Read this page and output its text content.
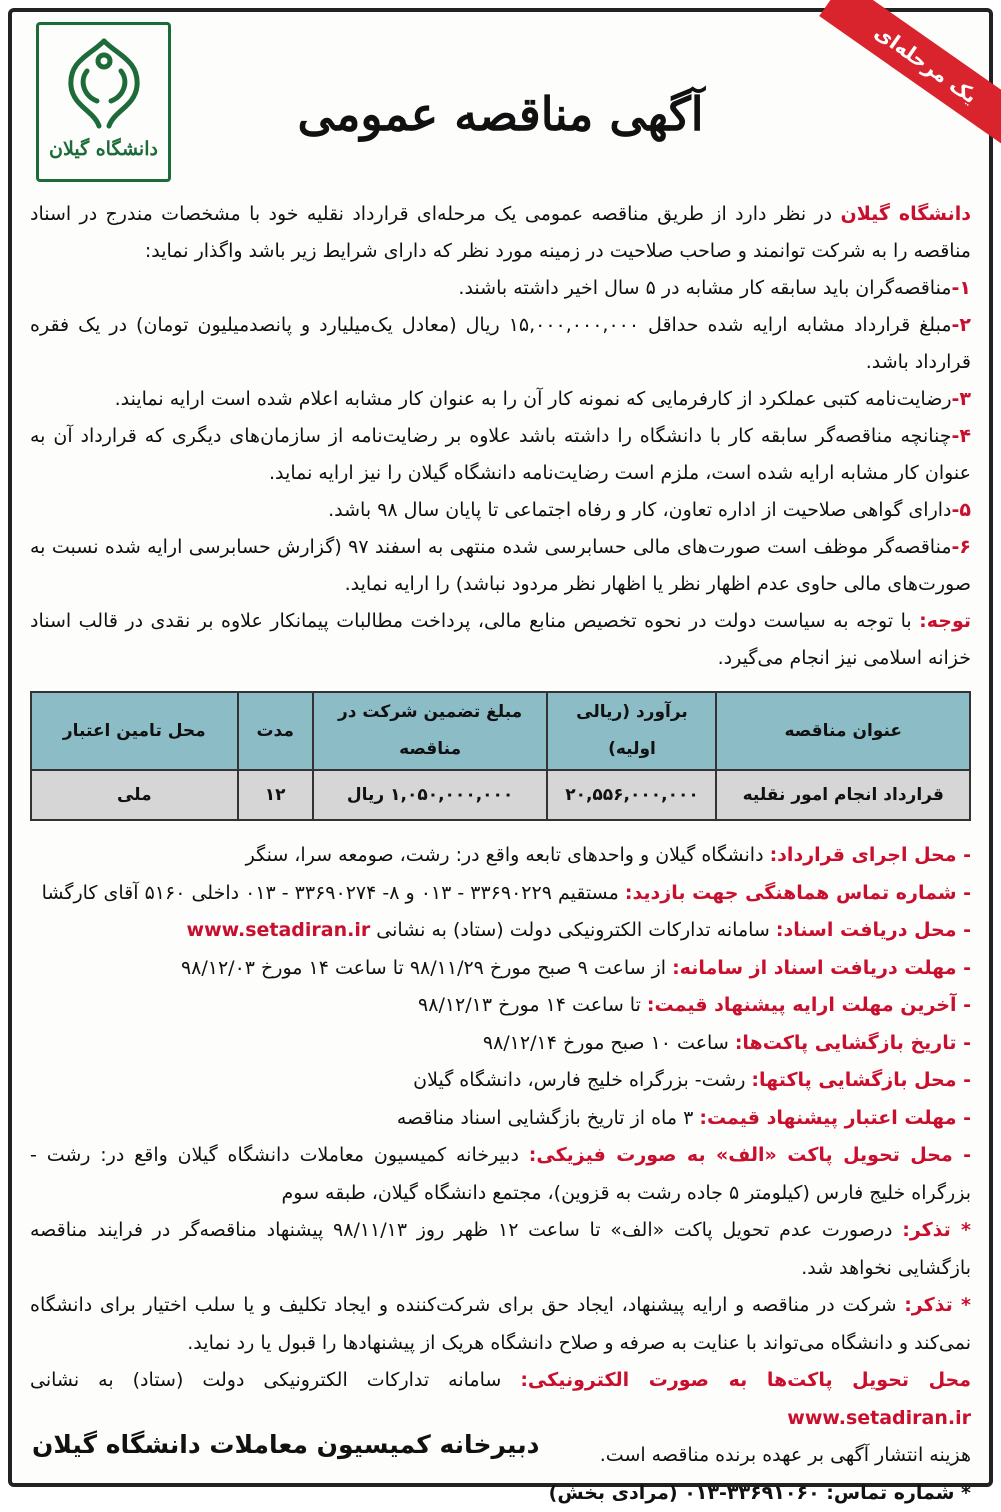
یک مرحله‌ای
دانشگاه گیلان
آگهی مناقصه عمومی

دانشگاه گیلان در نظر دارد از طریق مناقصه عمومی یک مرحله‌ای قرارداد نقلیه خود با مشخصات مندرج در اسناد مناقصه را به شرکت توانمند و صاحب صلاحیت در زمینه مورد نظر که دارای شرایط زیر باشد واگذار نماید:

۱-مناقصه‌گران باید سابقه کار مشابه در ۵ سال اخیر داشته باشند.

۲-مبلغ قرارداد مشابه ارایه شده حداقل ۱۵,۰۰۰,۰۰۰,۰۰۰ ریال (معادل یک‌میلیارد و پانصدمیلیون تومان) در یک فقره قرارداد باشد.

۳-رضایت‌نامه کتبی عملکرد از کارفرمایی که نمونه کار آن را به عنوان کار مشابه اعلام شده است ارایه نمایند.

۴-چنانچه مناقصه‌گر سابقه کار با دانشگاه را داشته باشد علاوه بر رضایت‌نامه از سازمان‌های دیگری که قرارداد آن به عنوان کار مشابه ارایه شده است، ملزم است رضایت‌نامه دانشگاه گیلان را نیز ارایه نماید.

۵-دارای گواهی صلاحیت از اداره تعاون، کار و رفاه اجتماعی تا پایان سال ۹۸ باشد.

۶-مناقصه‌گر موظف است صورت‌های مالی حسابرسی شده منتهی به اسفند ۹۷ (گزارش حسابرسی ارایه شده نسبت به صورت‌های مالی حاوی عدم اظهار نظر یا اظهار نظر مردود نباشد) را ارایه نماید.

توجه: با توجه به سیاست دولت در نحوه تخصیص منابع مالی، پرداخت مطالبات پیمانکار علاوه بر نقدی در قالب اسناد خزانه اسلامی نیز انجام می‌گیرد.

عنوان مناقصه	برآورد (ریالی اولیه)	مبلغ تضمین شرکت در مناقصه	مدت	محل تامین اعتبار
قرارداد انجام امور نقلیه	۲۰,۵۵۶,۰۰۰,۰۰۰	۱,۰۵۰,۰۰۰,۰۰۰ ریال	۱۲	ملی

- محل اجرای قرارداد: دانشگاه گیلان و واحدهای تابعه واقع در: رشت، صومعه سرا، سنگر

- شماره تماس هماهنگی جهت بازدید: مستقیم ۳۳۶۹۰۲۲۹ - ۰۱۳ و ۸- ۳۳۶۹۰۲۷۴ - ۰۱۳ داخلی ۵۱۶۰ آقای کارگشا

- محل دریافت اسناد: سامانه تدارکات الکترونیکی دولت (ستاد) به نشانی www.setadiran.ir

- مهلت دریافت اسناد از سامانه: از ساعت ۹ صبح مورخ ۹۸/۱۱/۲۹ تا ساعت ۱۴ مورخ ۹۸/۱۲/۰۳

- آخرین مهلت ارایه پیشنهاد قیمت: تا ساعت ۱۴ مورخ ۹۸/۱۲/۱۳

- تاریخ بازگشایی پاکت‌ها: ساعت ۱۰ صبح مورخ ۹۸/۱۲/۱۴

- محل بازگشایی پاکتها: رشت- بزرگراه خلیج فارس، دانشگاه گیلان

- مهلت اعتبار پیشنهاد قیمت: ۳ ماه از تاریخ بازگشایی اسناد مناقصه

- محل تحویل پاکت «الف» به صورت فیزیکی: دبیرخانه کمیسیون معاملات دانشگاه گیلان واقع در: رشت - بزرگراه خلیج فارس (کیلومتر ۵ جاده رشت به قزوین)، مجتمع دانشگاه گیلان، طبقه سوم

* تذکر: درصورت عدم تحویل پاکت «الف» تا ساعت ۱۲ ظهر روز ۹۸/۱۱/۱۳ پیشنهاد مناقصه‌گر در فرایند مناقصه بازگشایی نخواهد شد.

* تذکر: شرکت در مناقصه و ارایه پیشنهاد، ایجاد حق برای شرکت‌کننده و ایجاد تکلیف و یا سلب اختیار برای دانشگاه نمی‌کند و دانشگاه می‌تواند با عنایت به صرفه و صلاح دانشگاه هریک از پیشنهادها را قبول یا رد نماید.

محل تحویل پاکت‌ها به صورت الکترونیکی: سامانه تدارکات الکترونیکی دولت (ستاد) به نشانی www.setadiran.ir

هزینه انتشار آگهی بر عهده برنده مناقصه است.

* شماره تماس: ۳۳۶۹۱۰۶۰-۰۱۳ (مرادی بخش)

دبیرخانه کمیسیون معاملات دانشگاه گیلان
